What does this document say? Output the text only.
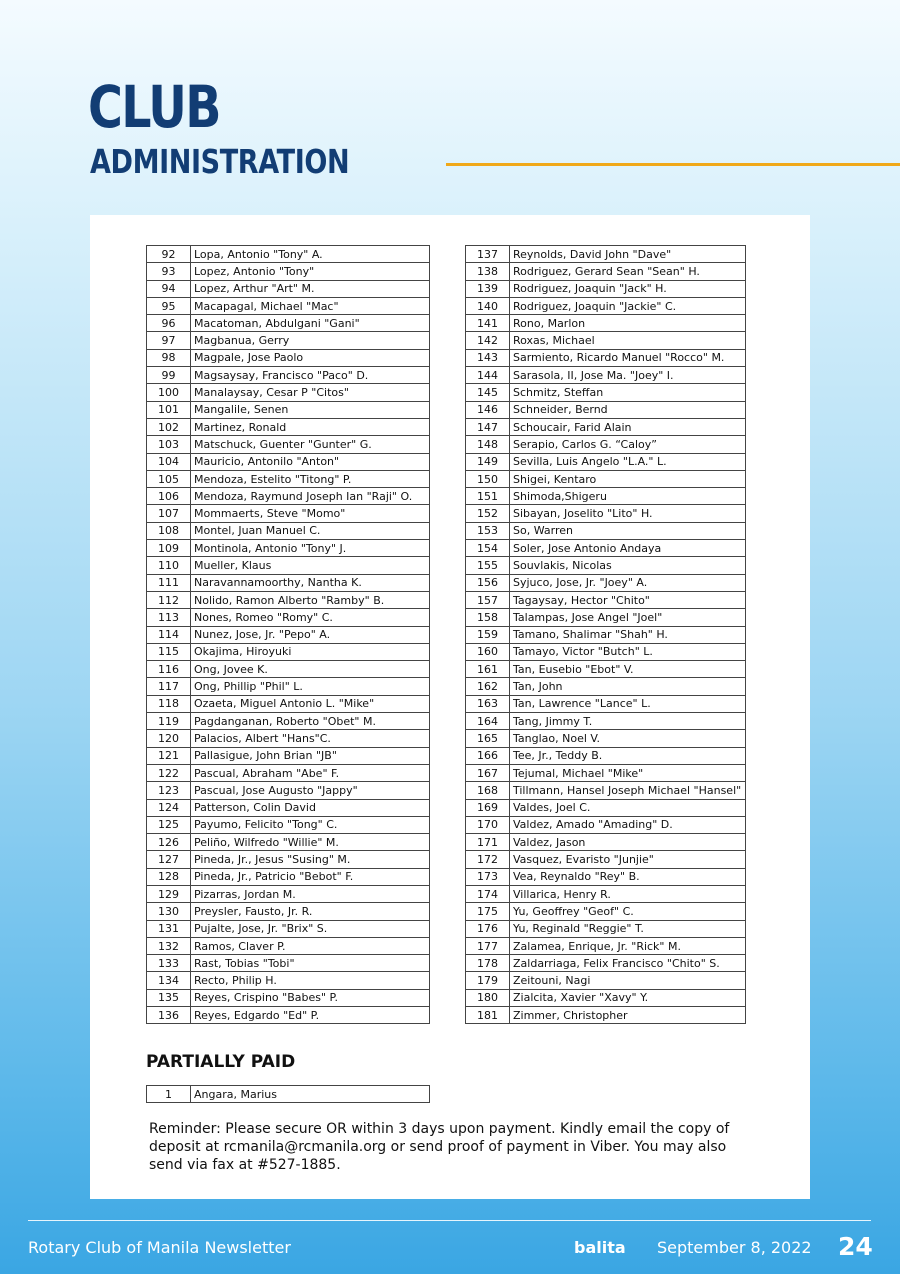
CLUB
ADMINISTRATION
92	Lopa, Antonio "Tony" A.
93	Lopez, Antonio "Tony"
94	Lopez, Arthur "Art" M.
95	Macapagal, Michael "Mac"
96	Macatoman, Abdulgani "Gani"
97	Magbanua, Gerry
98	Magpale, Jose Paolo
99	Magsaysay, Francisco "Paco" D.
100	Manalaysay, Cesar P "Citos"
101	Mangalile, Senen
102	Martinez, Ronald
103	Matschuck, Guenter "Gunter" G.
104	Mauricio, Antonilo "Anton"
105	Mendoza, Estelito "Titong" P.
106	Mendoza, Raymund Joseph Ian "Raji" O.
107	Mommaerts, Steve "Momo"
108	Montel, Juan Manuel C.
109	Montinola, Antonio "Tony" J.
110	Mueller, Klaus
111	Naravannamoorthy, Nantha K.
112	Nolido, Ramon Alberto "Ramby" B.
113	Nones, Romeo "Romy" C.
114	Nunez, Jose, Jr. "Pepo" A.
115	Okajima, Hiroyuki
116	Ong, Jovee K.
117	Ong, Phillip "Phil" L.
118	Ozaeta, Miguel Antonio L. "Mike"
119	Pagdanganan, Roberto "Obet" M.
120	Palacios, Albert "Hans"C.
121	Pallasigue, John Brian "JB"
122	Pascual, Abraham "Abe" F.
123	Pascual, Jose Augusto "Jappy"
124	Patterson, Colin David
125	Payumo, Felicito "Tong" C.
126	Peliño, Wilfredo "Willie" M.
127	Pineda, Jr., Jesus "Susing" M.
128	Pineda, Jr., Patricio "Bebot" F.
129	Pizarras, Jordan M.
130	Preysler, Fausto, Jr. R.
131	Pujalte, Jose, Jr. "Brix" S.
132	Ramos, Claver P.
133	Rast, Tobias "Tobi"
134	Recto, Philip H.
135	Reyes, Crispino "Babes" P.
136	Reyes, Edgardo "Ed" P.
137	Reynolds, David John "Dave"
138	Rodriguez, Gerard Sean "Sean" H.
139	Rodriguez, Joaquin "Jack" H.
140	Rodriguez, Joaquin "Jackie" C.
141	Rono, Marlon
142	Roxas, Michael
143	Sarmiento, Ricardo Manuel "Rocco" M.
144	Sarasola, II, Jose Ma. "Joey" I.
145	Schmitz, Steffan
146	Schneider, Bernd
147	Schoucair, Farid Alain
148	Serapio, Carlos G. “Caloy”
149	Sevilla, Luis Angelo "L.A." L.
150	Shigei, Kentaro
151	Shimoda,Shigeru
152	Sibayan, Joselito "Lito" H.
153	So, Warren
154	Soler, Jose Antonio Andaya
155	Souvlakis, Nicolas
156	Syjuco, Jose, Jr. "Joey" A.
157	Tagaysay, Hector "Chito"
158	Talampas, Jose Angel "Joel"
159	Tamano, Shalimar "Shah" H.
160	Tamayo, Victor "Butch" L.
161	Tan, Eusebio "Ebot" V.
162	Tan, John
163	Tan, Lawrence "Lance" L.
164	Tang, Jimmy T.
165	Tanglao, Noel V.
166	Tee, Jr., Teddy B.
167	Tejumal, Michael "Mike"
168	Tillmann, Hansel Joseph Michael "Hansel"
169	Valdes, Joel C.
170	Valdez, Amado "Amading" D.
171	Valdez, Jason
172	Vasquez, Evaristo "Junjie"
173	Vea, Reynaldo "Rey" B.
174	Villarica, Henry R.
175	Yu, Geoffrey "Geof" C.
176	Yu, Reginald "Reggie" T.
177	Zalamea, Enrique, Jr. "Rick" M.
178	Zaldarriaga, Felix Francisco "Chito" S.
179	Zeitouni, Nagi
180	Zialcita, Xavier "Xavy" Y.
181	Zimmer, Christopher
PARTIALLY PAID
1	Angara, Marius
Reminder: Please secure OR within 3 days upon payment. Kindly email the copy of deposit at rcmanila@rcmanila.org or send proof of payment in Viber. You may also send via fax at #527-1885.
Rotary Club of Manila Newsletter	balita September 8, 2022 24
